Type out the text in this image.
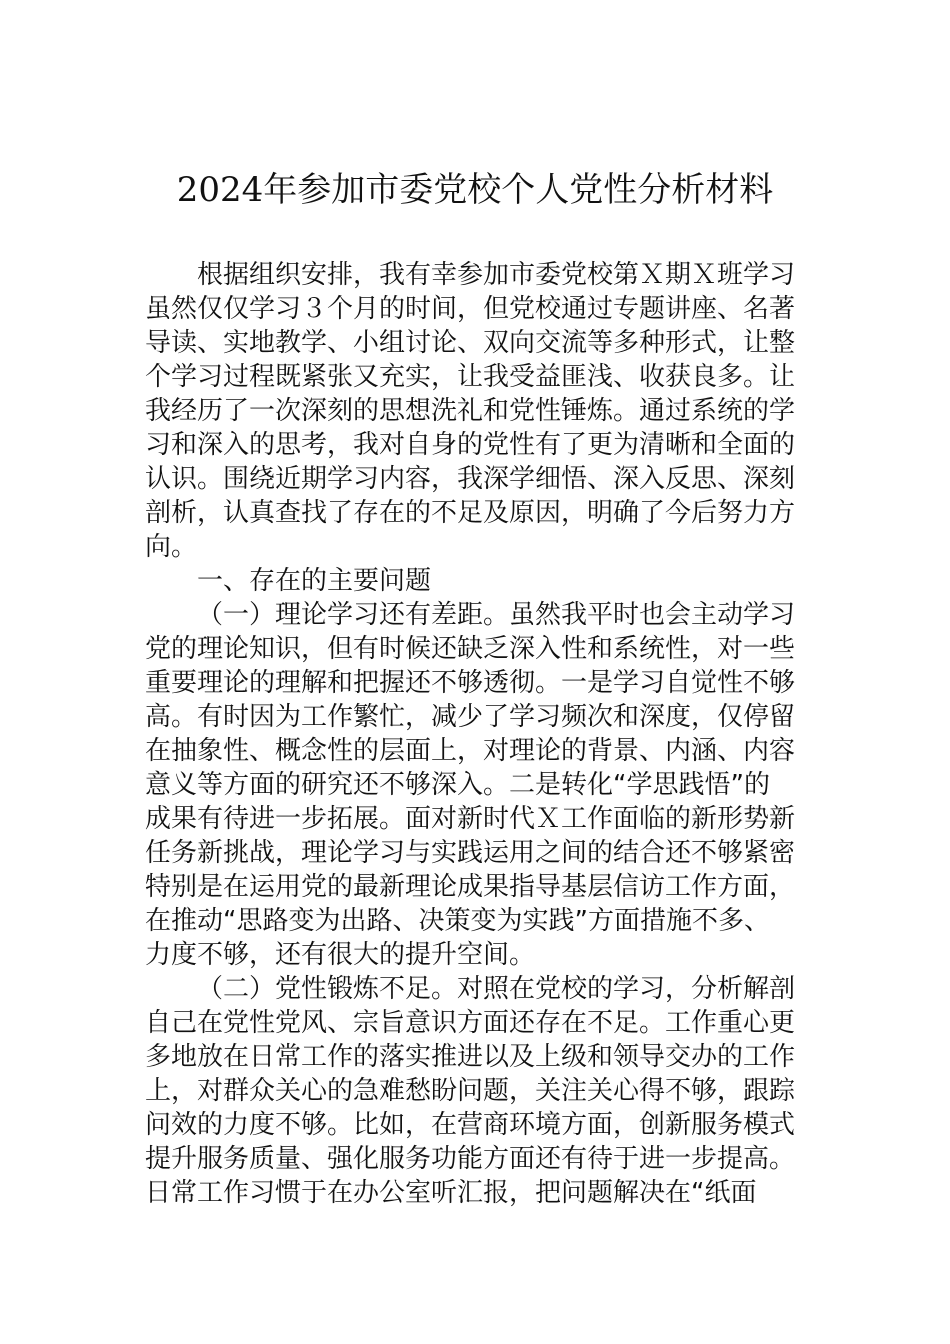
2024年参加市委党校个人党性分析材料
根据组织安排，我有幸参加市委党校第Ｘ期Ｘ班学习
虽然仅仅学习３个月的时间，但党校通过专题讲座、名著
导读、实地教学、小组讨论、双向交流等多种形式，让整
个学习过程既紧张又充实，让我受益匪浅、收获良多。让
我经历了一次深刻的思想洗礼和党性锤炼。通过系统的学
习和深入的思考，我对自身的党性有了更为清晰和全面的
认识。围绕近期学习内容，我深学细悟、深入反思、深刻
剖析，认真查找了存在的不足及原因，明确了今后努力方
向。
一、存在的主要问题
（一）理论学习还有差距。虽然我平时也会主动学习
党的理论知识，但有时候还缺乏深入性和系统性，对一些
重要理论的理解和把握还不够透彻。一是学习自觉性不够
高。有时因为工作繁忙，减少了学习频次和深度，仅停留
在抽象性、概念性的层面上，对理论的背景、内涵、内容
意义等方面的研究还不够深入。二是转化“学思践悟”的
成果有待进一步拓展。面对新时代Ｘ工作面临的新形势新
任务新挑战，理论学习与实践运用之间的结合还不够紧密
特别是在运用党的最新理论成果指导基层信访工作方面，
在推动“思路变为出路、决策变为实践”方面措施不多、
力度不够，还有很大的提升空间。
（二）党性锻炼不足。对照在党校的学习，分析解剖
自己在党性党风、宗旨意识方面还存在不足。工作重心更
多地放在日常工作的落实推进以及上级和领导交办的工作
上，对群众关心的急难愁盼问题，关注关心得不够，跟踪
问效的力度不够。比如，在营商环境方面，创新服务模式
提升服务质量、强化服务功能方面还有待于进一步提高。
日常工作习惯于在办公室听汇报，把问题解决在“纸面
